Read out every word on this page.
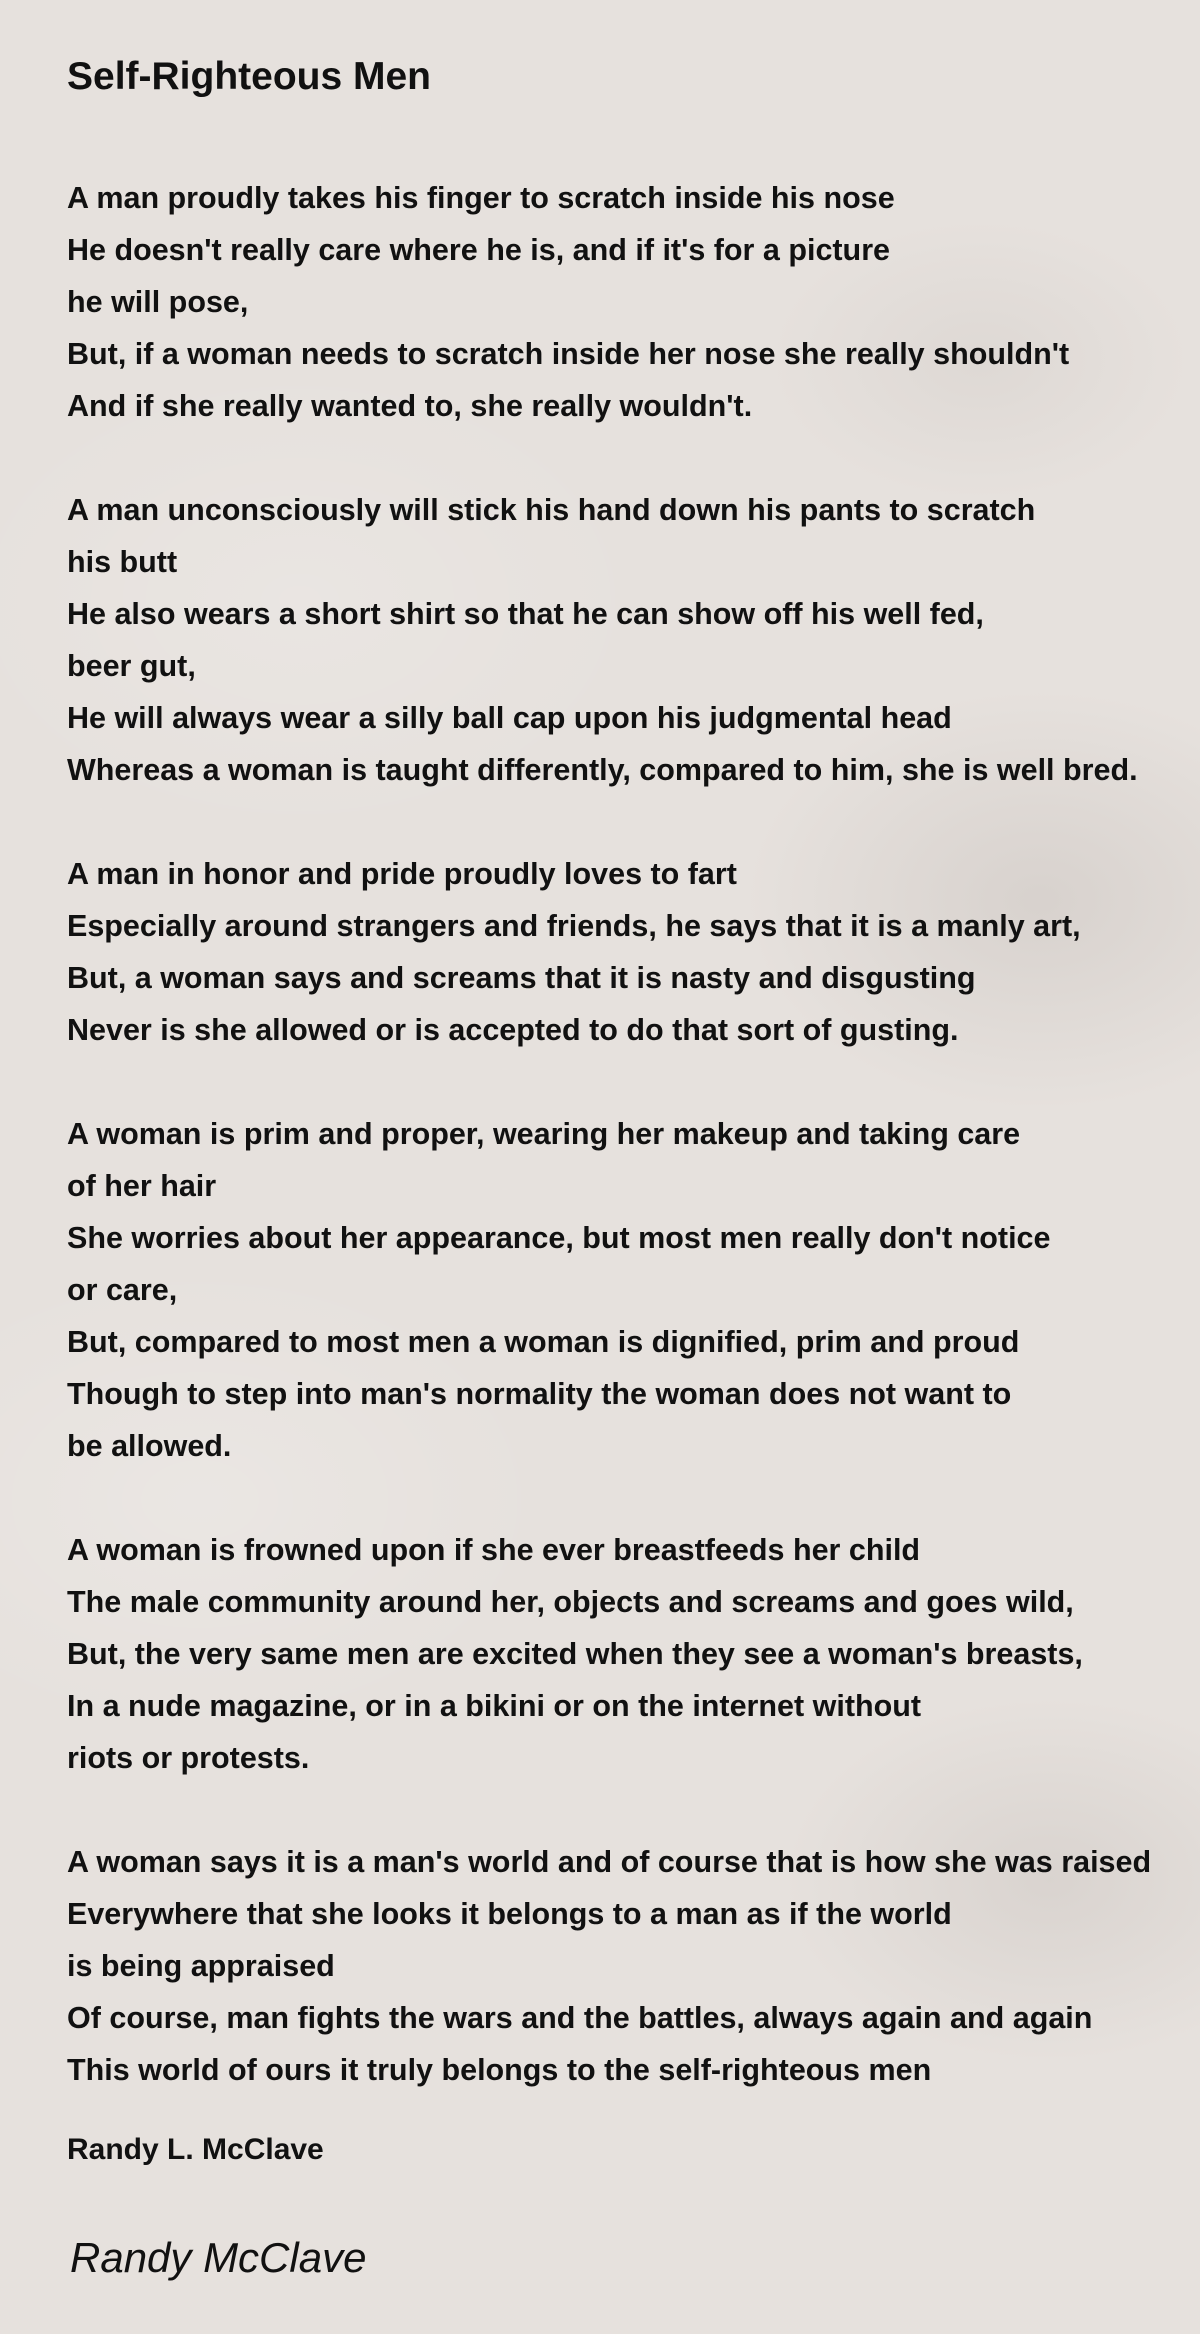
Self-Righteous Men
A man proudly takes his finger to scratch inside his nose
He doesn't really care where he is, and if it's for a picture
he will pose,
But, if a woman needs to scratch inside her nose she really shouldn't
And if she really wanted to, she really wouldn't.
A man unconsciously will stick his hand down his pants to scratch
his butt
He also wears a short shirt so that he can show off his well fed,
beer gut,
He will always wear a silly ball cap upon his judgmental head
Whereas a woman is taught differently, compared to him, she is well bred.
A man in honor and pride proudly loves to fart
Especially around strangers and friends, he says that it is a manly art,
But, a woman says and screams that it is nasty and disgusting
Never is she allowed or is accepted to do that sort of gusting.
A woman is prim and proper, wearing her makeup and taking care
of her hair
She worries about her appearance, but most men really don't notice
or care,
But, compared to most men a woman is dignified, prim and proud
Though to step into man's normality the woman does not want to
be allowed.
A woman is frowned upon if she ever breastfeeds her child
The male community around her, objects and screams and goes wild,
But, the very same men are excited when they see a woman's breasts,
In a nude magazine, or in a bikini or on the internet without
riots or protests.
A woman says it is a man's world and of course that is how she was raised
Everywhere that she looks it belongs to a man as if the world
is being appraised
Of course, man fights the wars and the battles, always again and again
This world of ours it truly belongs to the self-righteous men
Randy L. McClave
Randy McClave
